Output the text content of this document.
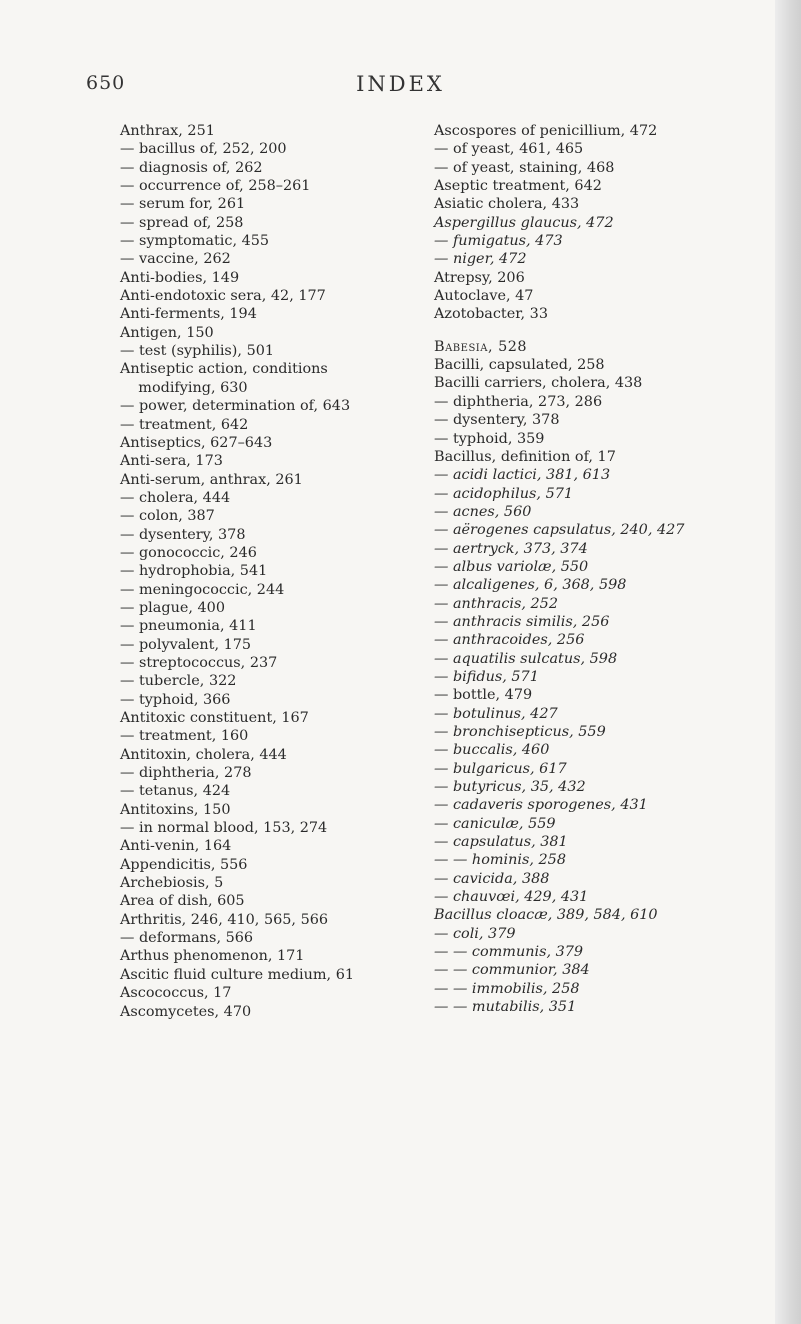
650	INDEX
Anthrax, 251
— bacillus of, 252, 200
— diagnosis of, 262
— occurrence of, 258–261
— serum for, 261
— spread of, 258
— symptomatic, 455
— vaccine, 262
Anti-bodies, 149
Anti-endotoxic sera, 42, 177
Anti-ferments, 194
Antigen, 150
— test (syphilis), 501
Antiseptic action, conditions
modifying, 630
— power, determination of, 643
— treatment, 642
Antiseptics, 627–643
Anti-sera, 173
Anti-serum, anthrax, 261
— cholera, 444
— colon, 387
— dysentery, 378
— gonococcic, 246
— hydrophobia, 541
— meningococcic, 244
— plague, 400
— pneumonia, 411
— polyvalent, 175
— streptococcus, 237
— tubercle, 322
— typhoid, 366
Antitoxic constituent, 167
— treatment, 160
Antitoxin, cholera, 444
— diphtheria, 278
— tetanus, 424
Antitoxins, 150
— in normal blood, 153, 274
Anti-venin, 164
Appendicitis, 556
Archebiosis, 5
Area of dish, 605
Arthritis, 246, 410, 565, 566
— deformans, 566
Arthus phenomenon, 171
Ascitic fluid culture medium, 61
Ascococcus, 17
Ascomycetes, 470
Ascospores of penicillium, 472
— of yeast, 461, 465
— of yeast, staining, 468
Aseptic treatment, 642
Asiatic cholera, 433
Aspergillus glaucus, 472
— fumigatus, 473
— niger, 472
Atrepsy, 206
Autoclave, 47
Azotobacter, 33
Babesia, 528
Bacilli, capsulated, 258
Bacilli carriers, cholera, 438
— diphtheria, 273, 286
— dysentery, 378
— typhoid, 359
Bacillus, definition of, 17
— acidi lactici, 381, 613
— acidophilus, 571
— acnes, 560
— aërogenes capsulatus, 240, 427
— aertryck, 373, 374
— albus variolæ, 550
— alcaligenes, 6, 368, 598
— anthracis, 252
— anthracis similis, 256
— anthracoides, 256
— aquatilis sulcatus, 598
— bifidus, 571
— bottle, 479
— botulinus, 427
— bronchisepticus, 559
— buccalis, 460
— bulgaricus, 617
— butyricus, 35, 432
— cadaveris sporogenes, 431
— caniculæ, 559
— capsulatus, 381
— — hominis, 258
— cavicida, 388
— chauvœi, 429, 431
Bacillus cloacæ, 389, 584, 610
— coli, 379
— — communis, 379
— — communior, 384
— — immobilis, 258
— — mutabilis, 351
